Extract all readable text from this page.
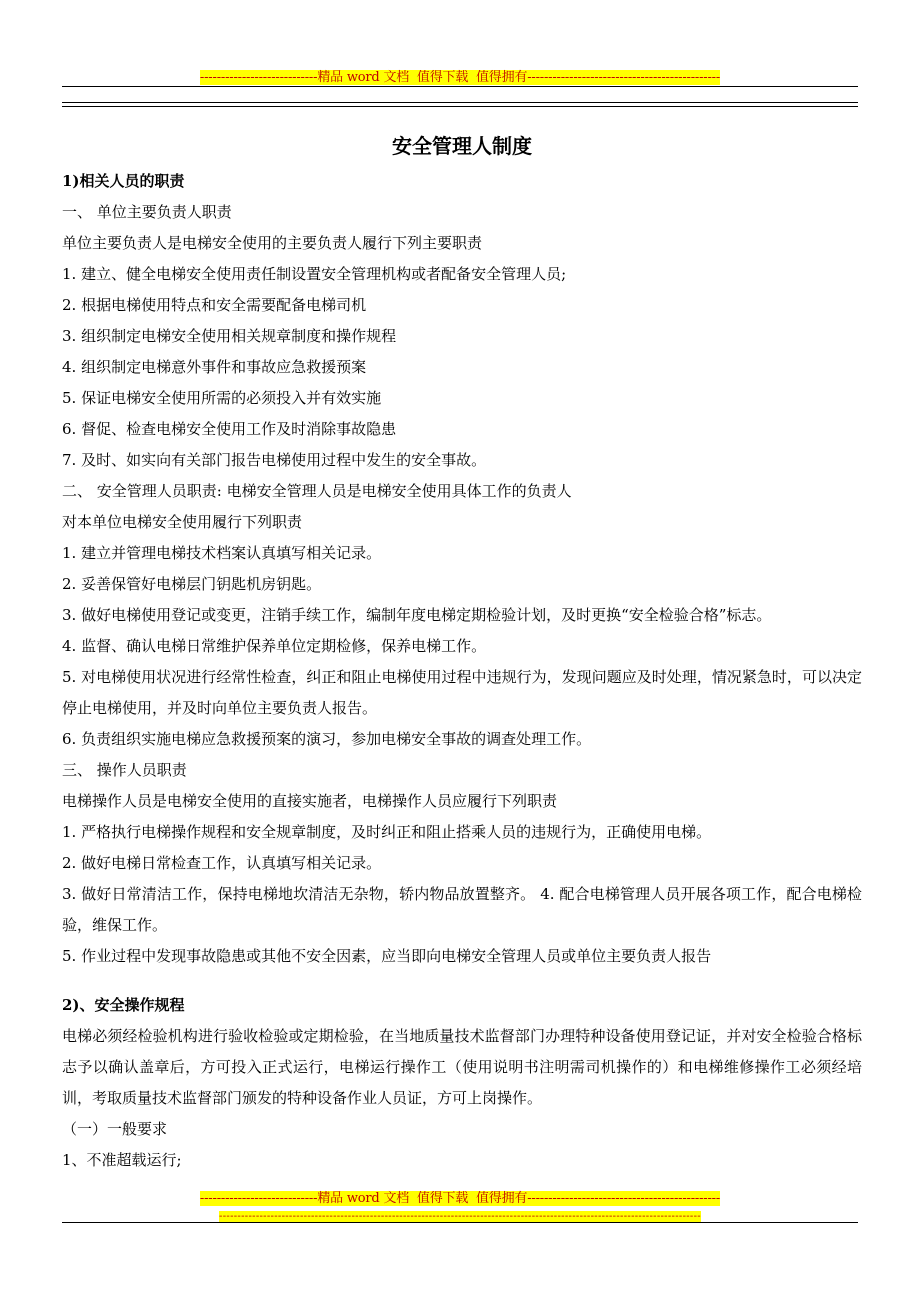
----------------------------精品 word 文档  值得下载  值得拥有----------------------------------------------
安全管理人制度
1)相关人员的职责
一、 单位主要负责人职责
单位主要负责人是电梯安全使用的主要负责人履行下列主要职责
1. 建立、健全电梯安全使用责任制设置安全管理机构或者配备安全管理人员;
2. 根据电梯使用特点和安全需要配备电梯司机
3. 组织制定电梯安全使用相关规章制度和操作规程
4. 组织制定电梯意外事件和事故应急救援预案
5. 保证电梯安全使用所需的必须投入并有效实施
6. 督促、检查电梯安全使用工作及时消除事故隐患
7. 及时、如实向有关部门报告电梯使用过程中发生的安全事故。
二、 安全管理人员职责: 电梯安全管理人员是电梯安全使用具体工作的负责人
对本单位电梯安全使用履行下列职责
1. 建立并管理电梯技术档案认真填写相关记录。
2. 妥善保管好电梯层门钥匙机房钥匙。
3. 做好电梯使用登记或变更，注销手续工作，编制年度电梯定期检验计划，及时更换“安全检验合格”标志。
4. 监督、确认电梯日常维护保养单位定期检修，保养电梯工作。
5. 对电梯使用状况进行经常性检查，纠正和阻止电梯使用过程中违规行为，发现问题应及时处理，情况紧急时，可以决定停止电梯使用，并及时向单位主要负责人报告。
6. 负责组织实施电梯应急救援预案的演习，参加电梯安全事故的调查处理工作。
三、 操作人员职责
电梯操作人员是电梯安全使用的直接实施者，电梯操作人员应履行下列职责
1. 严格执行电梯操作规程和安全规章制度，及时纠正和阻止搭乘人员的违规行为，正确使用电梯。
2. 做好电梯日常检查工作，认真填写相关记录。
3. 做好日常清洁工作，保持电梯地坎清洁无杂物，轿内物品放置整齐。 4. 配合电梯管理人员开展各项工作，配合电梯检验，维保工作。
5. 作业过程中发现事故隐患或其他不安全因素，应当即向电梯安全管理人员或单位主要负责人报告
2)、安全操作规程
电梯必须经检验机构进行验收检验或定期检验，在当地质量技术监督部门办理特种设备使用登记证，并对安全检验合格标志予以确认盖章后，方可投入正式运行，电梯运行操作工（使用说明书注明需司机操作的）和电梯维修操作工必须经培训，考取质量技术监督部门颁发的特种设备作业人员证，方可上岗操作。
（一）一般要求
1、不准超载运行;
----------------------------精品 word 文档  值得下载  值得拥有----------------------------------------------
-----------------------------------------------------------------------------------------------------------------------------------
